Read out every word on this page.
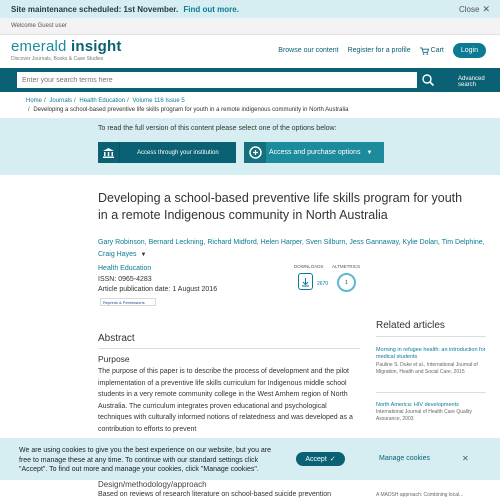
Site maintenance scheduled: 1st November. Find out more.	Close ✕
Welcome Guest user
emerald insight
Discover Journals, Books & Case Studies
Browse our content Register for a profile	Cart	Login
Enter your search terms here
Advanced search
Home / Journals / Health Education / Volume 116 Issue 5
/ Developing a school-based preventive life skills program for youth in a remote indigenous community in North Australia
To read the full version of this content please select one of the options below:
Access through your institution	Access and purchase options ▼
Developing a school-based preventive life skills program for youth in a remote Indigenous community in North Australia
Gary Robinson, Bernard Leckning, Richard Midford, Helen Harper, Sven Silburn, Jess Gannaway, Kylie Dolan, Tim Delphine, Craig Hayes ▼
Health Education
ISSN: 0965-4283
Article publication date: 1 August 2016
Reprints & Permissions
DOWNLOADS
2670
ALTMETRICS
1
Abstract
Purpose
The purpose of this paper is to describe the process of development and the pilot implementation of a preventive life skills curriculum for Indigenous middle school students in a very remote community college in the West Arnhem region of North Australia. The curriculum integrates proven educational and psychological techniques with culturally informed notions of relatedness and was developed as a contribution to efforts to prevent
Design/methodology/approach
Based on reviews of research literature on school-based suicide prevention
Related articles
Morning in refugee health: an introduction for medical students
Pauline S. Duke et al., International Journal of Migration, Health and Social Care, 2015
North America: HIV developments
International Journal of Health Care Quality Assurance, 2003
A MADSH approach: Combining local...
We are using cookies to give you the best experience on our website, but you are free to manage these at any time. To continue with our standard settings click "Accept". To find out more and manage your cookies, click "Manage cookies".
Accept ✓	Manage cookies	✕
